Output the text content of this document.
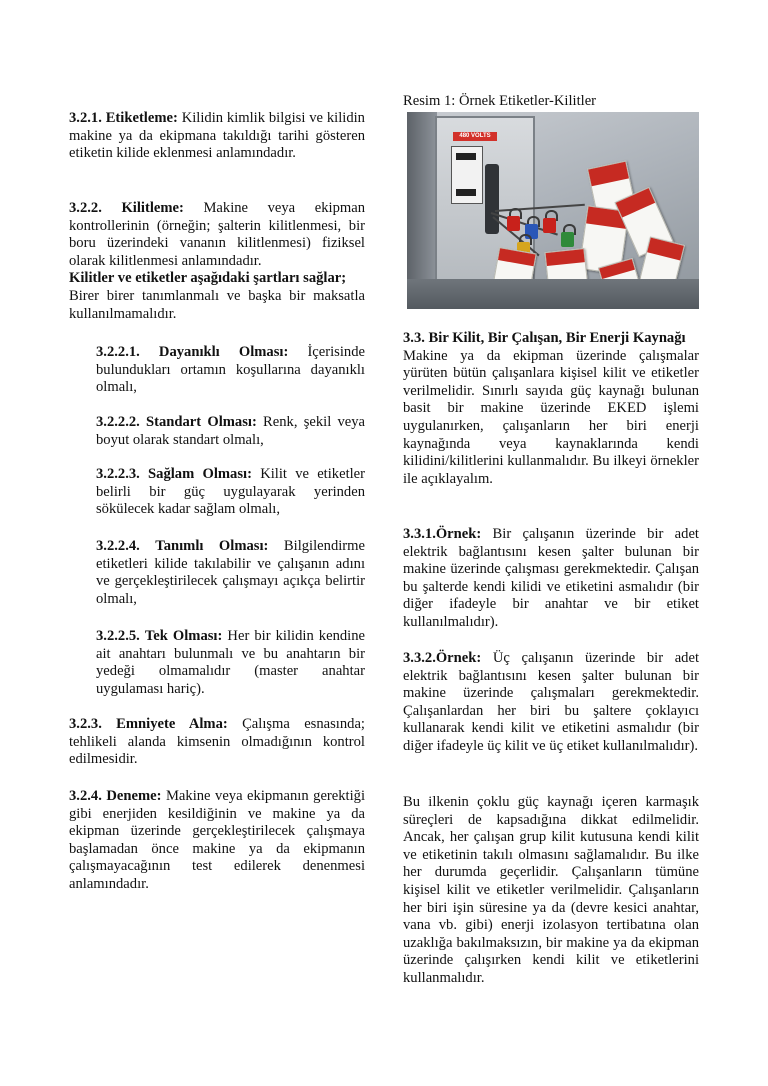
3.2.1. Etiketleme: Kilidin kimlik bilgisi ve kilidin makine ya da ekipmana takıldığı tarihi gösteren etiketin kilide eklenmesi anlamındadır.

3.2.2. Kilitleme: Makine veya ekipman kontrollerinin (örneğin; şalterin kilitlenmesi, bir boru üzerindeki vananın kilitlenmesi) fiziksel olarak kilitlenmesi anlamındadır.

Kilitler ve etiketler aşağıdaki şartları sağlar;

Birer birer tanımlanmalı ve başka bir maksatla kullanılmamalıdır.

3.2.2.1. Dayanıklı Olması: İçerisinde bulundukları ortamın koşullarına dayanıklı olmalı,

3.2.2.2. Standart Olması: Renk, şekil veya boyut olarak standart olmalı,

3.2.2.3. Sağlam Olması: Kilit ve etiketler belirli bir güç uygulayarak yerinden sökülecek kadar sağlam olmalı,

3.2.2.4. Tanımlı Olması: Bilgilendirme etiketleri kilide takılabilir ve çalışanın adını ve gerçekleştirilecek çalışmayı açıkça belirtir olmalı,

3.2.2.5. Tek Olması: Her bir kilidin kendine ait anahtarı bulunmalı ve bu anahtarın bir yedeği olmamalıdır (master anahtar uygulaması hariç).

3.2.3. Emniyete Alma: Çalışma esnasında; tehlikeli alanda kimsenin olmadığının kontrol edilmesidir.

3.2.4. Deneme: Makine veya ekipmanın gerektiği gibi enerjiden kesildiğinin ve makine ya da ekipman üzerinde gerçekleştirilecek çalışmaya başlamadan önce makine ya da ekipmanın çalışmayacağının test edilerek denenmesi anlamındadır.

Resim 1: Örnek Etiketler-Kilitler
480 VOLTS

3.3. Bir Kilit, Bir Çalışan, Bir Enerji Kaynağı

Makine ya da ekipman üzerinde çalışmalar yürüten bütün çalışanlara kişisel kilit ve etiketler verilmelidir. Sınırlı sayıda güç kaynağı bulunan basit bir makine üzerinde EKED işlemi uygulanırken, çalışanların her biri enerji kaynağında veya kaynaklarında kendi kilidini/kilitlerini kullanmalıdır. Bu ilkeyi örnekler ile açıklayalım.

3.3.1.Örnek: Bir çalışanın üzerinde bir adet elektrik bağlantısını kesen şalter bulunan bir makine üzerinde çalışması gerekmektedir. Çalışan bu şalterde kendi kilidi ve etiketini asmalıdır (bir diğer ifadeyle bir anahtar ve bir etiket kullanılmalıdır).

3.3.2.Örnek: Üç çalışanın üzerinde bir adet elektrik bağlantısını kesen şalter bulunan bir makine üzerinde çalışmaları gerekmektedir. Çalışanlardan her biri bu şaltere çoklayıcı kullanarak kendi kilit ve etiketini asmalıdır (bir diğer ifadeyle üç kilit ve üç etiket kullanılmalıdır).

Bu ilkenin çoklu güç kaynağı içeren karmaşık süreçleri de kapsadığına dikkat edilmelidir. Ancak, her çalışan grup kilit kutusuna kendi kilit ve etiketinin takılı olmasını sağlamalıdır. Bu ilke her durumda geçerlidir. Çalışanların tümüne kişisel kilit ve etiketler verilmelidir. Çalışanların her biri işin süresine ya da (devre kesici anahtar, vana vb. gibi) enerji izolasyon tertibatına olan uzaklığa bakılmaksızın, bir makine ya da ekipman üzerinde çalışırken kendi kilit ve etiketlerini kullanmalıdır.
